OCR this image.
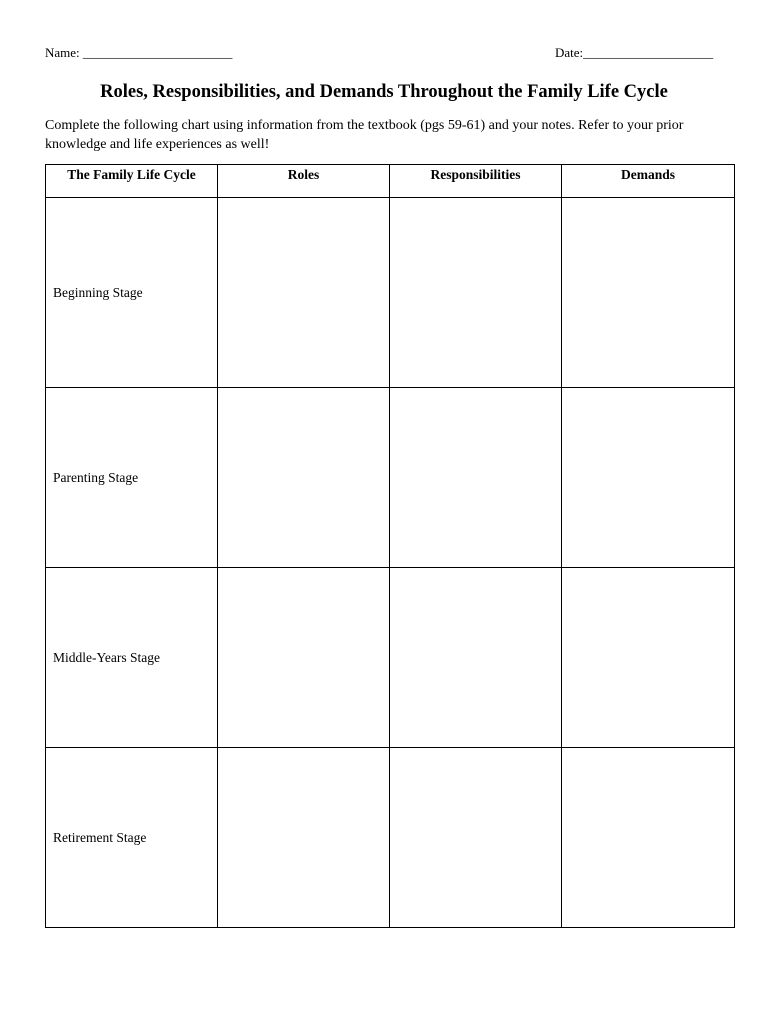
Name: _______________________	Date:____________________
Roles, Responsibilities, and Demands Throughout the Family Life Cycle
Complete the following chart using information from the textbook (pgs 59-61) and your notes. Refer to your prior knowledge and life experiences as well!
The Family Life Cycle	Roles	Responsibilities	Demands
Beginning Stage			
Parenting Stage			
Middle-Years Stage			
Retirement Stage			
